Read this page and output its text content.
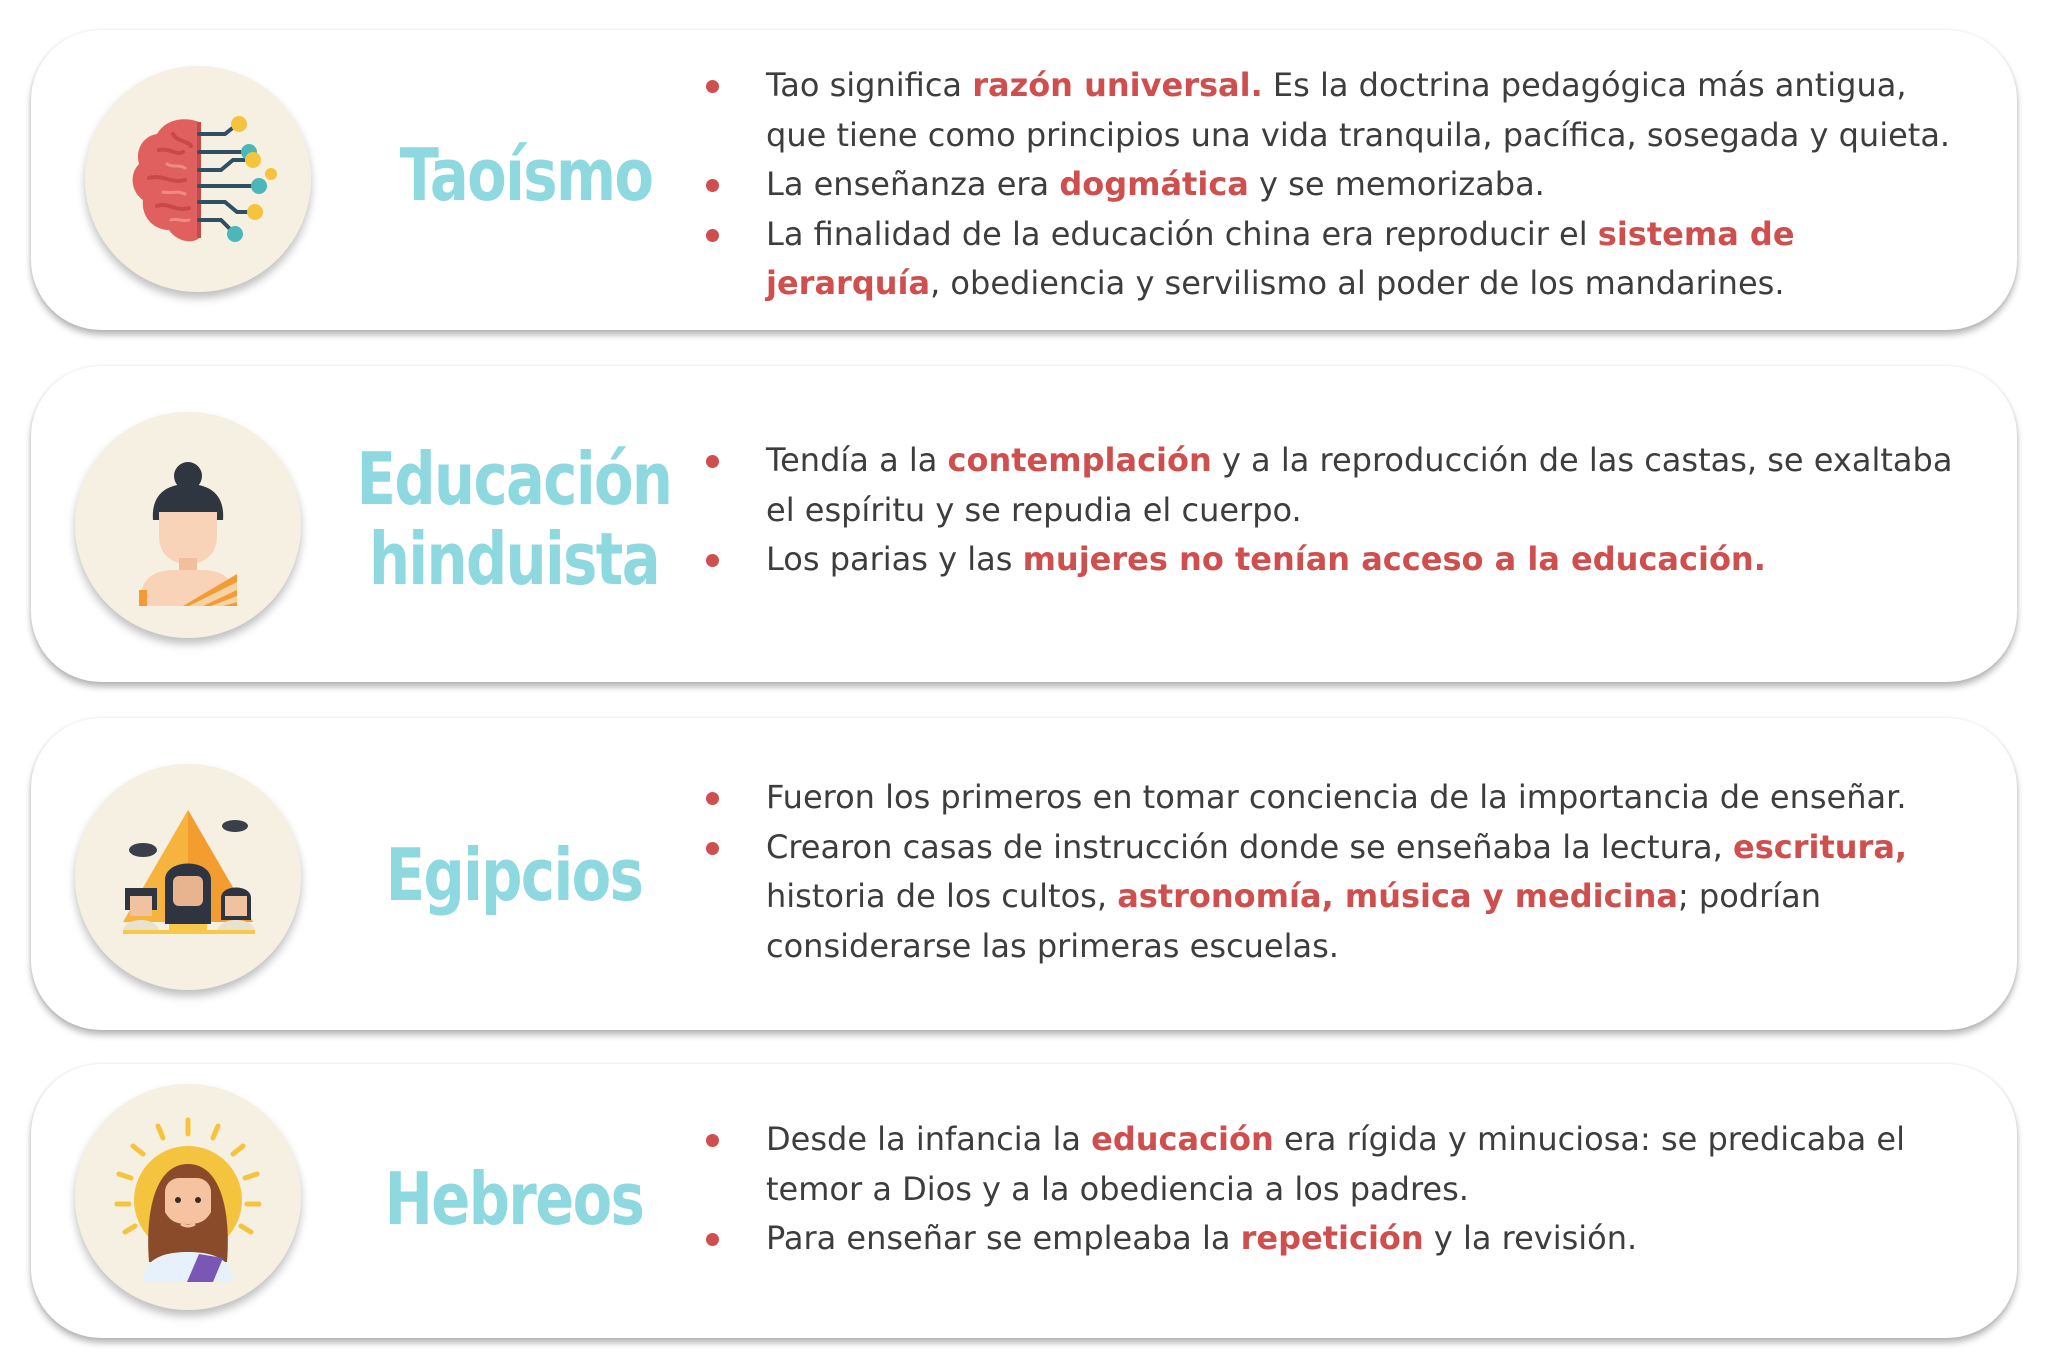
Taoísmo
Tao significa razón universal. Es la doctrina pedagógica más antigua, que tiene como principios una vida tranquila, pacífica, sosegada y quieta.
La enseñanza era dogmática y se memorizaba.
La finalidad de la educación china era reproducir el sistema de jerarquía, obediencia y servilismo al poder de los mandarines.
Educación hinduista
Tendía a la contemplación y a la reproducción de las castas, se exaltaba el espíritu y se repudia el cuerpo.
Los parias y las mujeres no tenían acceso a la educación.
Egipcios
Fueron los primeros en tomar conciencia de la importancia de enseñar.
Crearon casas de instrucción donde se enseñaba la lectura, escritura, historia de los cultos, astronomía, música y medicina; podrían considerarse las primeras escuelas.
Hebreos
Desde la infancia la educación era rígida y minuciosa: se predicaba el temor a Dios y a la obediencia a los padres.
Para enseñar se empleaba la repetición y la revisión.
